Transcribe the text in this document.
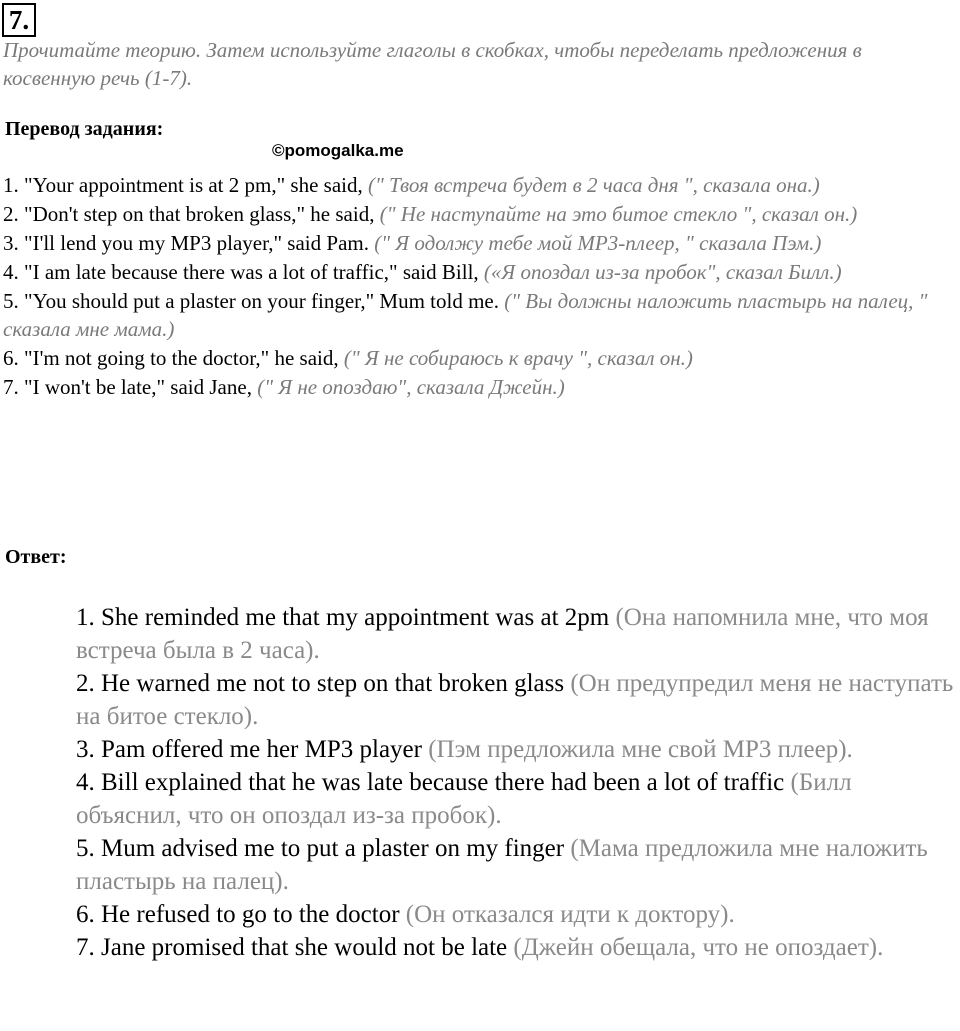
7.
Прочитайте теорию. Затем используйте глаголы в скобках, чтобы переделать предложения в косвенную речь (1-7).
Перевод задания:
©pomogalka.me
1. "Your appointment is at 2 pm," she said, (" Твоя встреча будет в 2 часа дня ", сказала она.)
2. "Don't step on that broken glass," he said, (" Не наступайте на это битое стекло ", сказал он.)
3. "I'll lend you my MP3 player," said Pam. (" Я одолжу тебе мой МР3-плеер, " сказала Пэм.)
4. "I am late because there was a lot of traffic," said Bill, («Я опоздал из-за пробок", сказал Билл.)
5. "You should put a plaster on your finger," Mum told me. (" Вы должны наложить пластырь на палец, " сказала мне мама.)
6. "I'm not going to the doctor," he said, (" Я не собираюсь к врачу ", сказал он.)
7. "I won't be late," said Jane, (" Я не опоздаю", сказала Джейн.)
Ответ:
1. She reminded me that my appointment was at 2pm (Она напомнила мне, что моя встреча была в 2 часа).
2. He warned me not to step on that broken glass (Он предупредил меня не наступать на битое стекло).
3. Pam offered me her MP3 player (Пэм предложила мне свой MP3 плеер).
4. Bill explained that he was late because there had been a lot of traffic (Билл объяснил, что он опоздал из-за пробок).
5. Mum advised me to put a plaster on my finger (Мама предложила мне наложить пластырь на палец).
6. He refused to go to the doctor (Он отказался идти к доктору).
7. Jane promised that she would not be late (Джейн обещала, что не опоздает).
